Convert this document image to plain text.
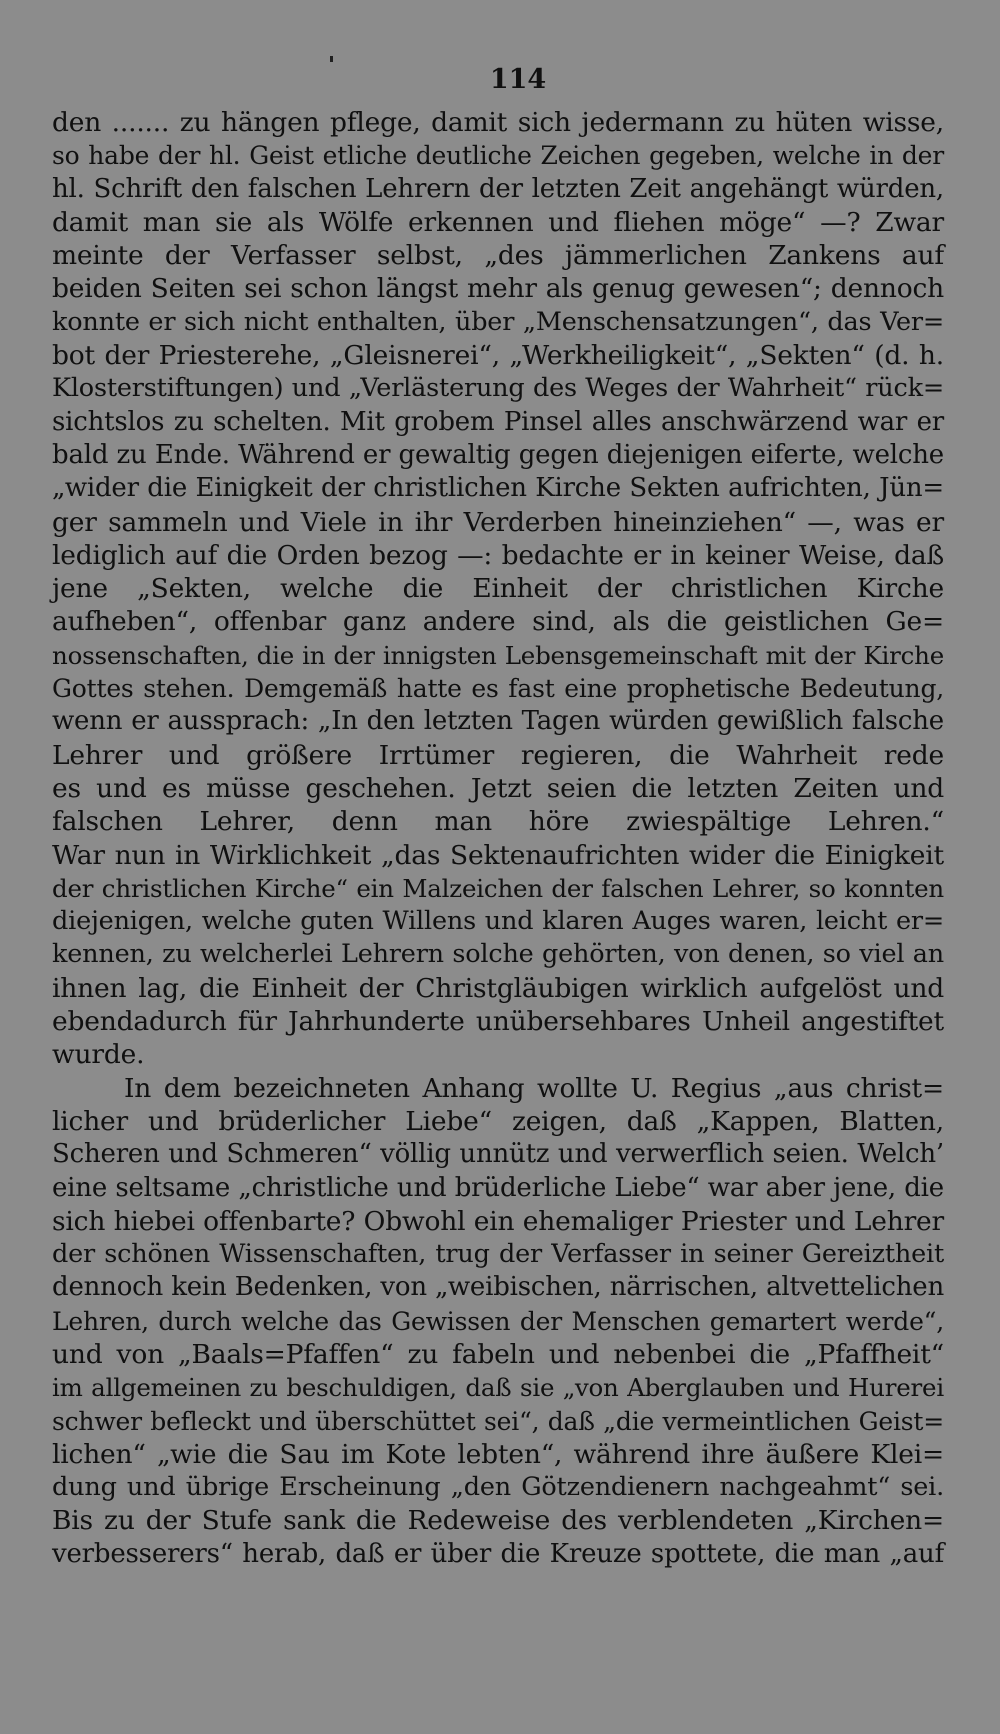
114
den ....... zu hängen pflege, damit sich jedermann zu hüten wisse,
so habe der hl. Geist etliche deutliche Zeichen gegeben, welche in der
hl. Schrift den falschen Lehrern der letzten Zeit angehängt würden,
damit man sie als Wölfe erkennen und fliehen möge“ —? Zwar
meinte der Verfasser selbst, „des jämmerlichen Zankens auf
beiden Seiten sei schon längst mehr als genug gewesen“; dennoch
konnte er sich nicht enthalten, über „Menschensatzungen“, das Ver=
bot der Priesterehe, „Gleisnerei“, „Werkheiligkeit“, „Sekten“ (d. h.
Klosterstiftungen) und „Verlästerung des Weges der Wahrheit“ rück=
sichtslos zu schelten. Mit grobem Pinsel alles anschwärzend war er
bald zu Ende. Während er gewaltig gegen diejenigen eiferte, welche
„wider die Einigkeit der christlichen Kirche Sekten aufrichten, Jün=
ger sammeln und Viele in ihr Verderben hineinziehen“ —, was er
lediglich auf die Orden bezog —: bedachte er in keiner Weise, daß
jene „Sekten, welche die Einheit der christlichen Kirche
aufheben“, offenbar ganz andere sind, als die geistlichen Ge=
nossenschaften, die in der innigsten Lebensgemeinschaft mit der Kirche
Gottes stehen. Demgemäß hatte es fast eine prophetische Bedeutung,
wenn er aussprach: „In den letzten Tagen würden gewißlich falsche
Lehrer und größere Irrtümer regieren, die Wahrheit rede
es und es müsse geschehen. Jetzt seien die letzten Zeiten und
falschen Lehrer, denn man höre zwiespältige Lehren.“
War nun in Wirklichkeit „das Sektenaufrichten wider die Einigkeit
der christlichen Kirche“ ein Malzeichen der falschen Lehrer, so konnten
diejenigen, welche guten Willens und klaren Auges waren, leicht er=
kennen, zu welcherlei Lehrern solche gehörten, von denen, so viel an
ihnen lag, die Einheit der Christgläubigen wirklich aufgelöst und
ebendadurch für Jahrhunderte unübersehbares Unheil angestiftet
wurde.
In dem bezeichneten Anhang wollte U. Regius „aus christ=
licher und brüderlicher Liebe“ zeigen, daß „Kappen, Blatten,
Scheren und Schmeren“ völlig unnütz und verwerflich seien. Welch’
eine seltsame „christliche und brüderliche Liebe“ war aber jene, die
sich hiebei offenbarte? Obwohl ein ehemaliger Priester und Lehrer
der schönen Wissenschaften, trug der Verfasser in seiner Gereiztheit
dennoch kein Bedenken, von „weibischen, närrischen, altvettelichen
Lehren, durch welche das Gewissen der Menschen gemartert werde“,
und von „Baals=Pfaffen“ zu fabeln und nebenbei die „Pfaffheit“
im allgemeinen zu beschuldigen, daß sie „von Aberglauben und Hurerei
schwer befleckt und überschüttet sei“, daß „die vermeintlichen Geist=
lichen“ „wie die Sau im Kote lebten“, während ihre äußere Klei=
dung und übrige Erscheinung „den Götzendienern nachgeahmt“ sei.
Bis zu der Stufe sank die Redeweise des verblendeten „Kirchen=
verbesserers“ herab, daß er über die Kreuze spottete, die man „auf
